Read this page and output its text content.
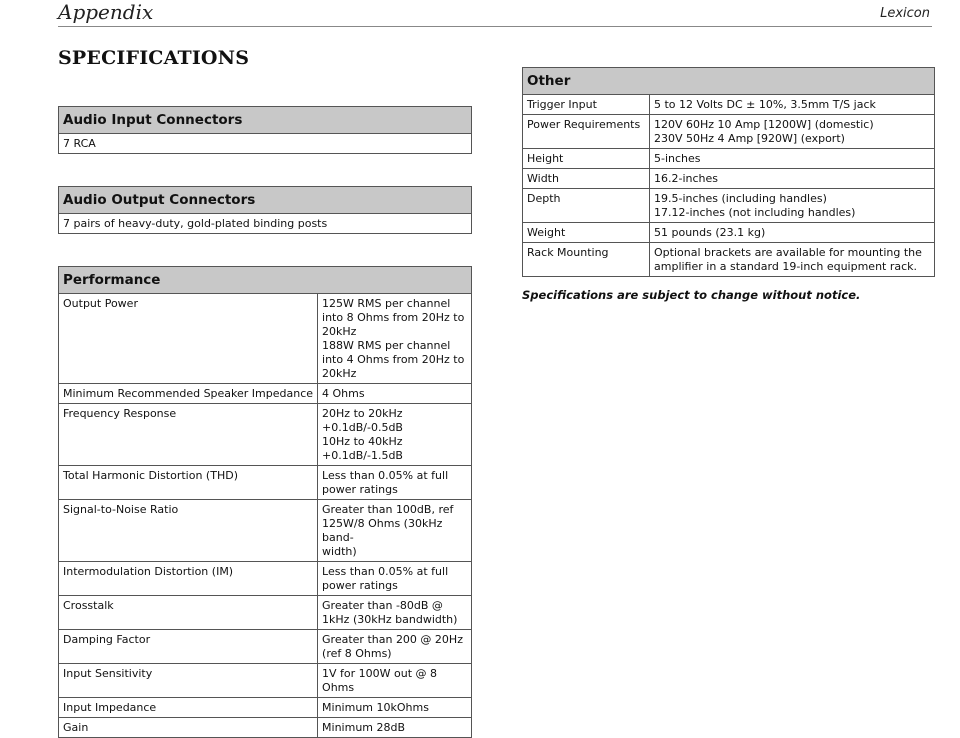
Appendix	Lexicon
SPECIFICATIONS
Audio Input Connectors
7 RCA
Audio Output Connectors
7 pairs of heavy-duty, gold-plated binding posts
Performance	
Output Power	125W RMS per channel into 8 Ohms from 20Hz to 20kHz
188W RMS per channel into 4 Ohms from 20Hz to 20kHz
Minimum Recommended Speaker Impedance	4 Ohms
Frequency Response	20Hz to 20kHz +0.1dB/-0.5dB
10Hz to 40kHz +0.1dB/-1.5dB
Total Harmonic Distortion (THD)	Less than 0.05% at full power ratings
Signal-to-Noise Ratio	Greater than 100dB, ref 125W/8 Ohms (30kHz band-
width)
Intermodulation Distortion (IM)	Less than 0.05% at full power ratings
Crosstalk	Greater than -80dB @ 1kHz (30kHz bandwidth)
Damping Factor	Greater than 200 @ 20Hz (ref 8 Ohms)
Input Sensitivity	1V for 100W out @ 8 Ohms
Input Impedance	Minimum 10kOhms
Gain	Minimum 28dB
Other	
Trigger Input	5 to 12 Volts DC ± 10%, 3.5mm T/S jack
Power Requirements	120V 60Hz 10 Amp [1200W] (domestic)
230V 50Hz 4 Amp [920W] (export)
Height	5-inches
Width	16.2-inches
Depth	19.5-inches (including handles)
17.12-inches (not including handles)
Weight	51 pounds (23.1 kg)
Rack Mounting	Optional brackets are available for mounting the
amplifier in a standard 19-inch equipment rack.
Specifications are subject to change without notice.
